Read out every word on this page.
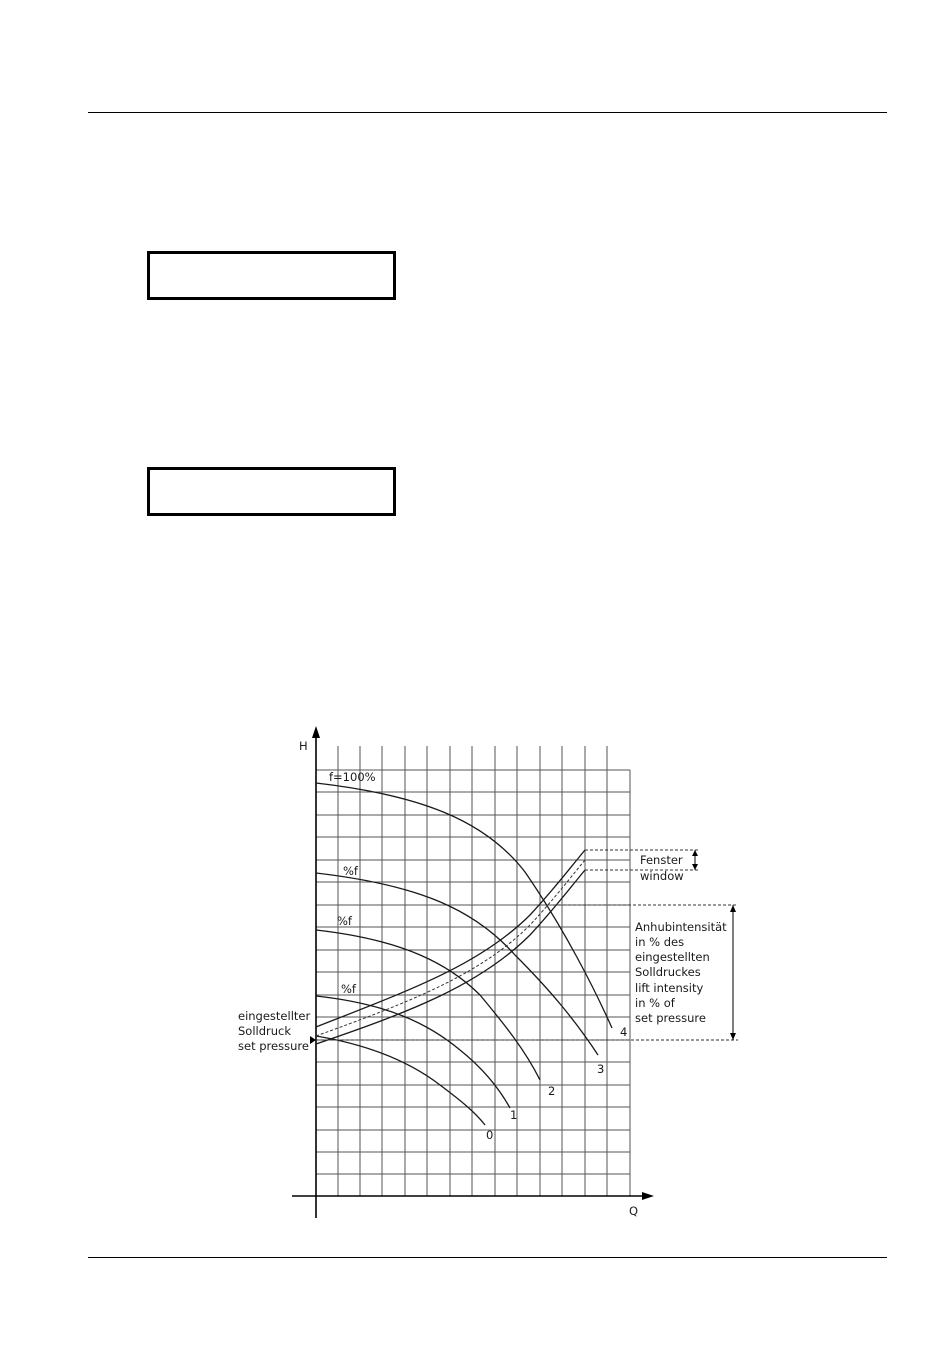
H
Q
f=100%
%f
%f
%f
0
1
2
3
4
eingestellter
Solldruck
set pressure
Fenster
window
Anhubintensität
in % des
eingestellten
Solldruckes
lift intensity
in % of
set pressure
